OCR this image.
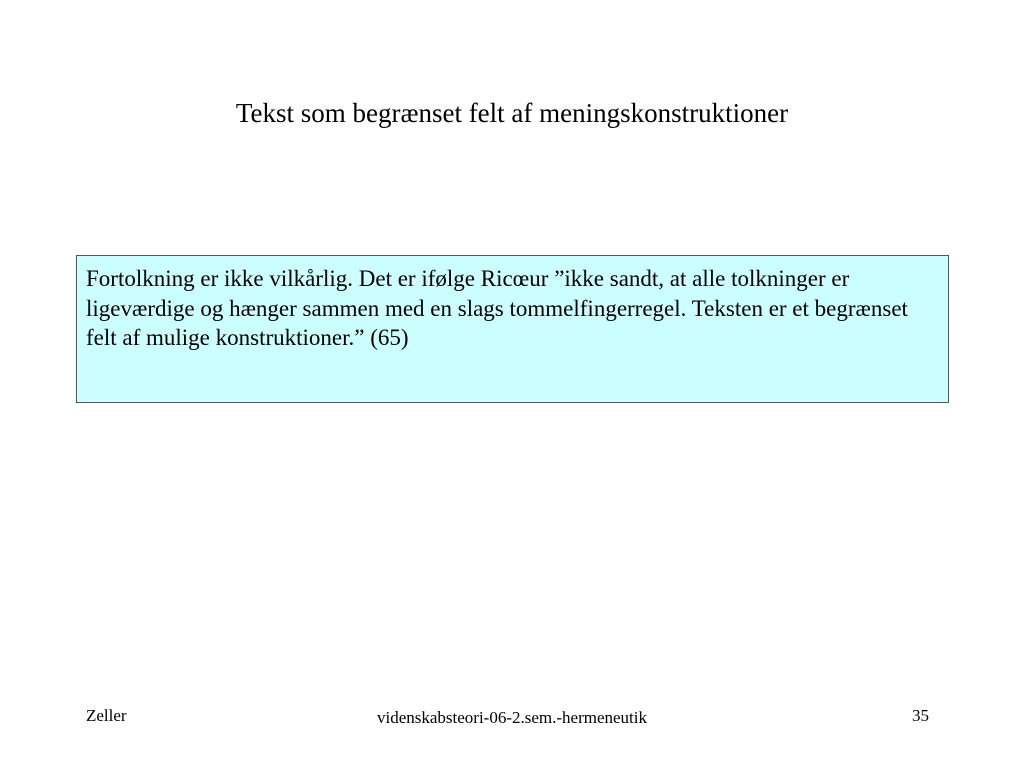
Tekst som begrænset felt af meningskonstruktioner
Fortolkning er ikke vilkårlig. Det er ifølge Ricœur ”ikke sandt, at alle tolkninger er ligeværdige og hænger sammen med en slags tommelfingerregel. Teksten er et begrænset felt af mulige konstruktioner.” (65)
Zeller	videnskabsteori-06-2.sem.-hermeneutik	35
